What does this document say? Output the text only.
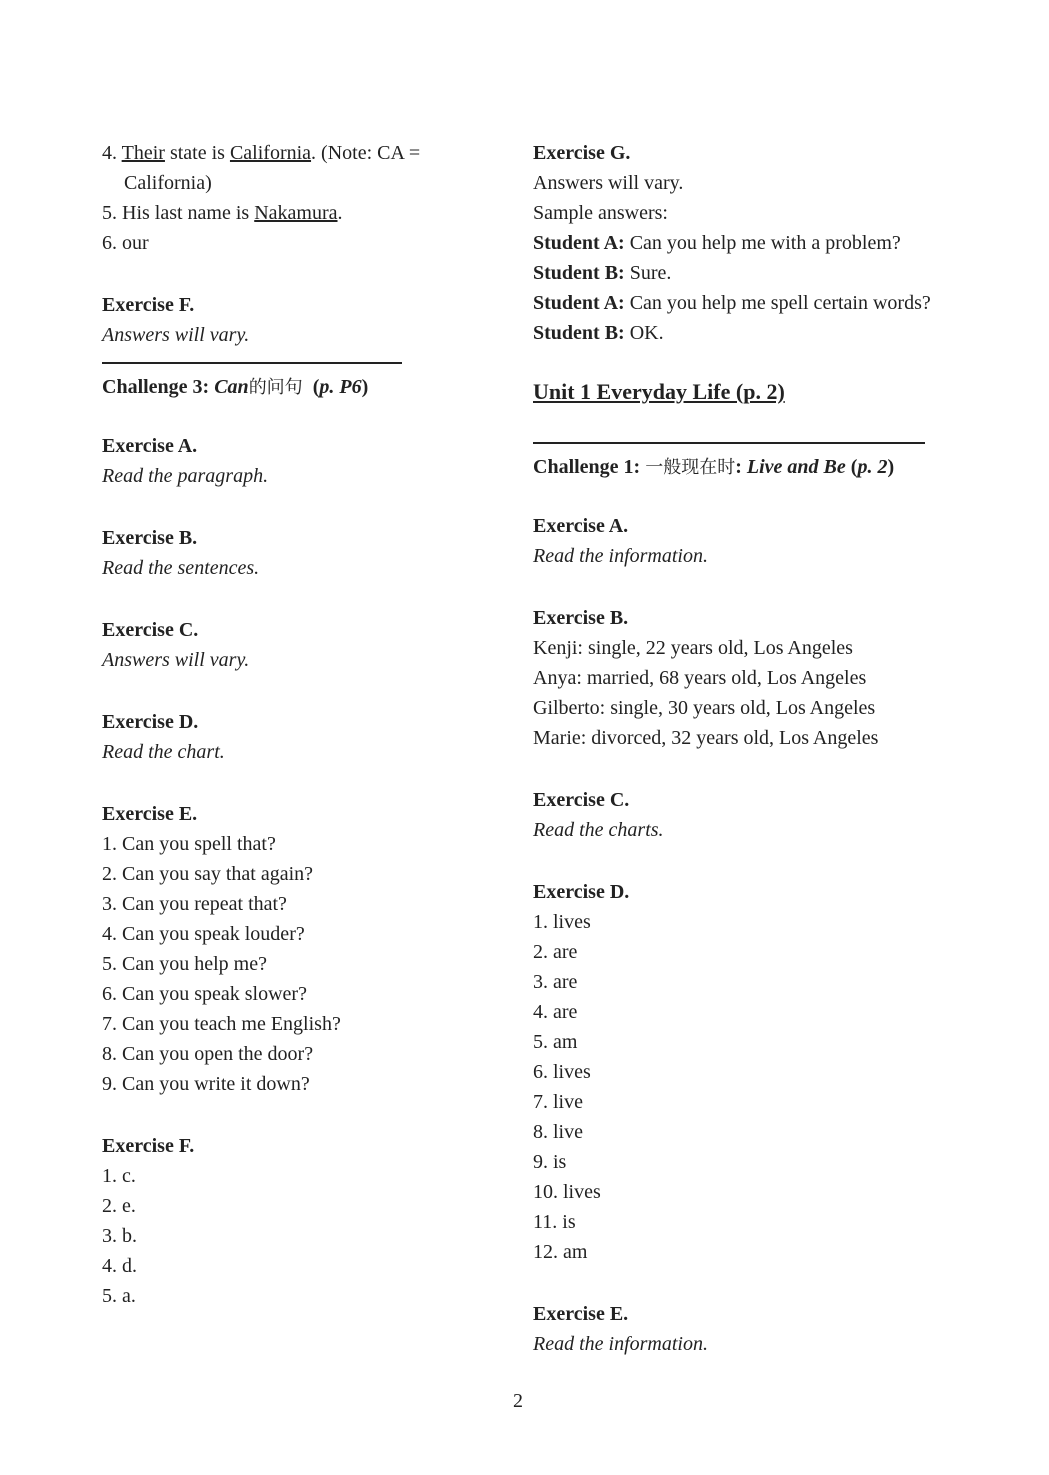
4. Their state is California. (Note: CA =
California)
5. His last name is Nakamura.
6. our
Exercise F.
Answers will vary.
Challenge 3: Can的问句 (p. P6)
Exercise A.
Read the paragraph.
Exercise B.
Read the sentences.
Exercise C.
Answers will vary.
Exercise D.
Read the chart.
Exercise E.
1. Can you spell that?
2. Can you say that again?
3. Can you repeat that?
4. Can you speak louder?
5. Can you help me?
6. Can you speak slower?
7. Can you teach me English?
8. Can you open the door?
9. Can you write it down?
Exercise F.
1. c.
2. e.
3. b.
4. d.
5. a.
Exercise G.
Answers will vary.
Sample answers:
Student A: Can you help me with a problem?
Student B: Sure.
Student A: Can you help me spell certain words?
Student B: OK.
Unit 1 Everyday Life (p. 2)
Challenge 1: 一般现在时: Live and Be (p. 2)
Exercise A.
Read the information.
Exercise B.
Kenji: single, 22 years old, Los Angeles
Anya: married, 68 years old, Los Angeles
Gilberto: single, 30 years old, Los Angeles
Marie: divorced, 32 years old, Los Angeles
Exercise C.
Read the charts.
Exercise D.
1. lives
2. are
3. are
4. are
5. am
6. lives
7. live
8. live
9. is
10. lives
11. is
12. am
Exercise E.
Read the information.
2
